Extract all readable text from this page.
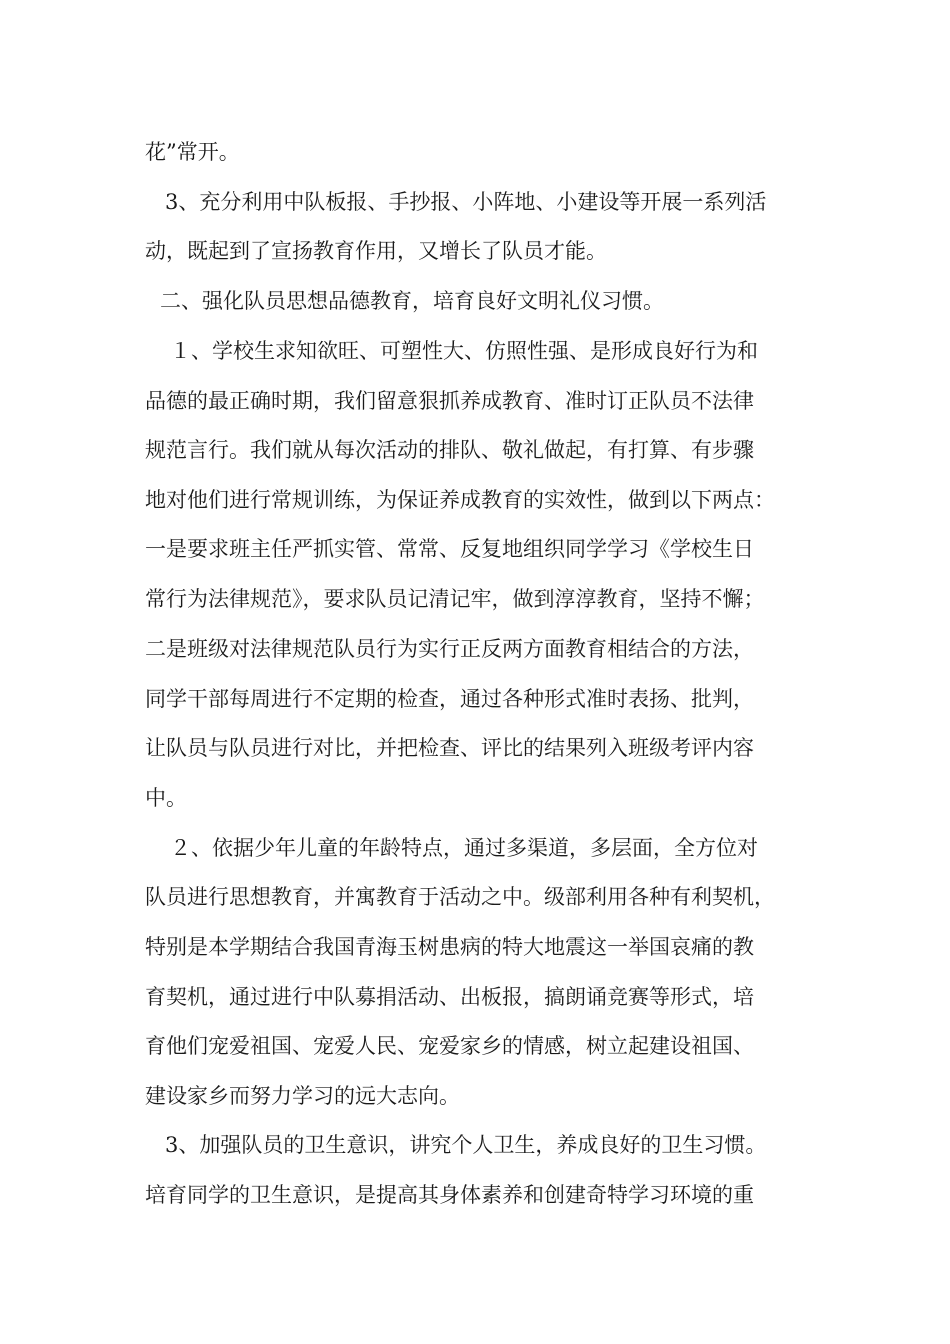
花”常开。
3、充分利用中队板报、手抄报、小阵地、小建设等开展一系列活
动，既起到了宣扬教育作用，又增长了队员才能。
二、强化队员思想品德教育，培育良好文明礼仪习惯。
１、学校生求知欲旺、可塑性大、仿照性强、是形成良好行为和
品德的最正确时期，我们留意狠抓养成教育、准时订正队员不法律
规范言行。我们就从每次活动的排队、敬礼做起，有打算、有步骤
地对他们进行常规训练，为保证养成教育的实效性，做到以下两点：
一是要求班主任严抓实管、常常、反复地组织同学学习《学校生日
常行为法律规范》，要求队员记清记牢，做到淳淳教育，坚持不懈；
二是班级对法律规范队员行为实行正反两方面教育相结合的方法，
同学干部每周进行不定期的检查，通过各种形式准时表扬、批判，
让队员与队员进行对比，并把检查、评比的结果列入班级考评内容
中。
２、依据少年儿童的年龄特点，通过多渠道，多层面，全方位对
队员进行思想教育，并寓教育于活动之中。级部利用各种有利契机，
特别是本学期结合我国青海玉树患病的特大地震这一举国哀痛的教
育契机，通过进行中队募捐活动、出板报，搞朗诵竞赛等形式，培
育他们宠爱祖国、宠爱人民、宠爱家乡的情感，树立起建设祖国、
建设家乡而努力学习的远大志向。
3、加强队员的卫生意识，讲究个人卫生，养成良好的卫生习惯。
培育同学的卫生意识，是提高其身体素养和创建奇特学习环境的重
